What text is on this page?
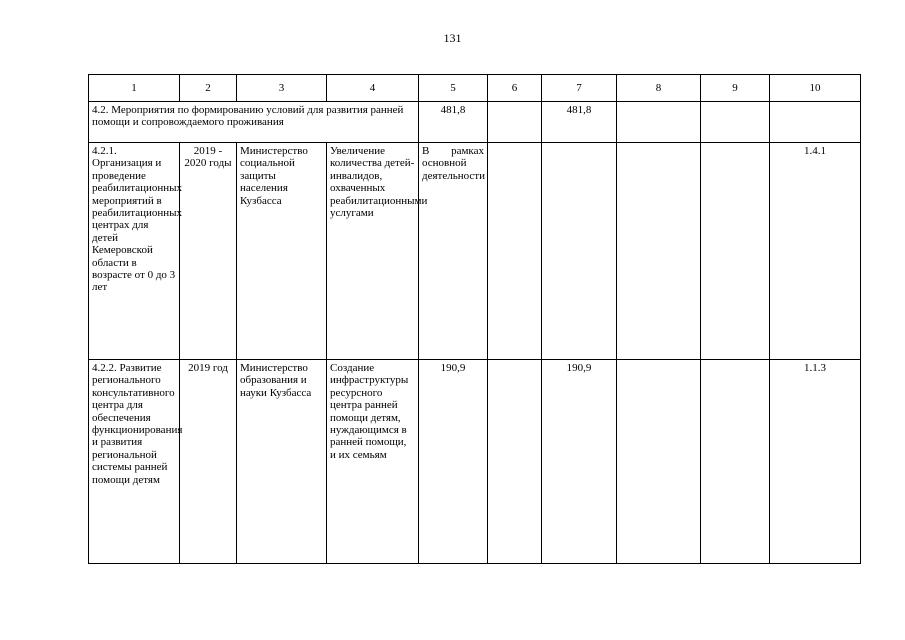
131
1	2	3	4	5	6	7	8	9	10
4.2. Мероприятия по формированию условий для развития ранней помощи и сопровождаемого проживания				481,8		481,8			
4.2.1. Организация и проведение реабилитационных мероприятий в реабилитационных центрах для детей Кемеровской области в возрасте от 0 до 3 лет	2019 - 2020 годы	Министерство социальной защиты населения Кузбасса	Увеличение количества детей-инвалидов, охваченных реабилитационными услугами	В рамках основной деятельности					1.4.1
4.2.2. Развитие регионального консультативного центра для обеспечения функционирования и развития региональной системы ранней помощи детям	2019 год	Министерство образования и науки Кузбасса	Создание инфраструктуры ресурсного центра ранней помощи детям, нуждающимся в ранней помощи, и их семьям	190,9		190,9			1.1.3
